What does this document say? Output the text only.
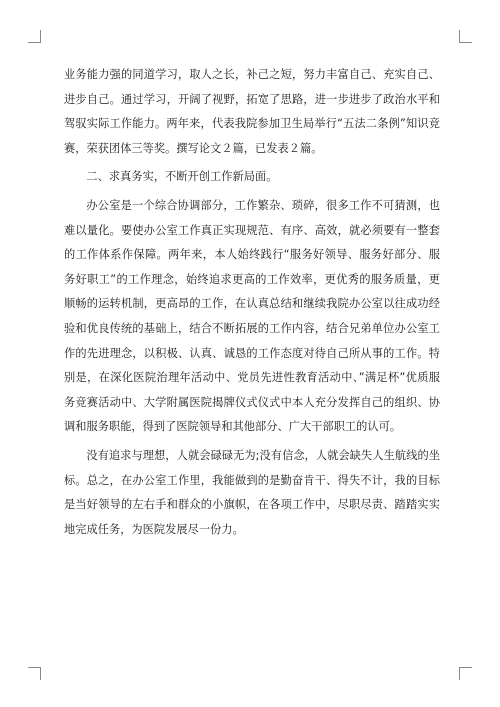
业务能力强的同道学习，取人之长，补己之短，努力丰富自己、充实自己、进步自己。通过学习，开阔了视野，拓宽了思路，进一步进步了政治水平和驾驭实际工作能力。两年来，代表我院参加卫生局举行“五法二条例”知识竞赛，荣获团体三等奖。撰写论文２篇，已发表２篇。

二、求真务实，不断开创工作新局面。

办公室是一个综合协调部分，工作繁杂、琐碎，很多工作不可猜测，也难以量化。要使办公室工作真正实现规范、有序、高效，就必须要有一整套的工作体系作保障。两年来，本人始终践行“服务好领导、服务好部分、服务好职工”的工作理念，始终追求更高的工作效率，更优秀的服务质量，更顺畅的运转机制，更高昂的工作，在认真总结和继续我院办公室以往成功经验和优良传统的基础上，结合不断拓展的工作内容，结合兄弟单位办公室工作的先进理念，以积极、认真、诚恳的工作态度对待自己所从事的工作。特别是，在深化医院治理年活动中、党员先进性教育活动中、”满足杯”优质服务竞赛活动中、大学附属医院揭牌仪式仪式中本人充分发挥自己的组织、协调和服务职能，得到了医院领导和其他部分、广大干部职工的认可。

没有追求与理想，人就会碌碌无为;没有信念，人就会缺失人生航线的坐标。总之，在办公室工作里，我能做到的是勤奋肯干、得失不计，我的目标是当好领导的左右手和群众的小旗帜，在各项工作中，尽职尽责、踏踏实实地完成任务，为医院发展尽一份力。
